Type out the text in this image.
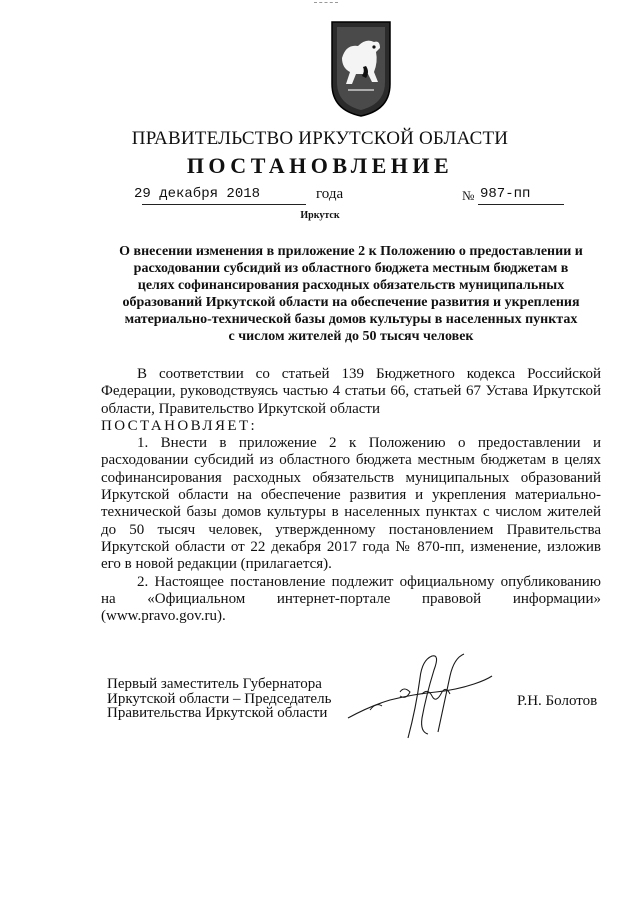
ПРАВИТЕЛЬСТВО ИРКУТСКОЙ ОБЛАСТИ
ПОСТАНОВЛЕНИЕ
29 декабря 2018	года	№ 987-пп
Иркутск
О внесении изменения в приложение 2 к Положению о предоставлении и
расходовании субсидий из областного бюджета местным бюджетам в
целях софинансирования расходных обязательств муниципальных
образований Иркутской области на обеспечение развития и укрепления
материально-технической базы домов культуры в населенных пунктах
с числом жителей до 50 тысяч человек

В соответствии со статьей 139 Бюджетного кодекса Российской Федерации, руководствуясь частью 4 статьи 66, статьей 67 Устава Иркутской области, Правительство Иркутской области

ПОСТАНОВЛЯЕТ:

1. Внести в приложение 2 к Положению о предоставлении и расходовании субсидий из областного бюджета местным бюджетам в целях софинансирования расходных обязательств муниципальных образований Иркутской области на обеспечение развития и укрепления материально-технической базы домов культуры в населенных пунктах с числом жителей до 50 тысяч человек, утвержденному постановлением Правительства Иркутской области от 22 декабря 2017 года № 870-пп, изменение, изложив его в новой редакции (прилагается).

2. Настоящее постановление подлежит официальному опубликованию на «Официальном интернет-портале правовой информации» (www.pravo.gov.ru).

Первый заместитель Губернатора
Иркутской области – Председатель
Правительства Иркутской области
Р.Н. Болотов
